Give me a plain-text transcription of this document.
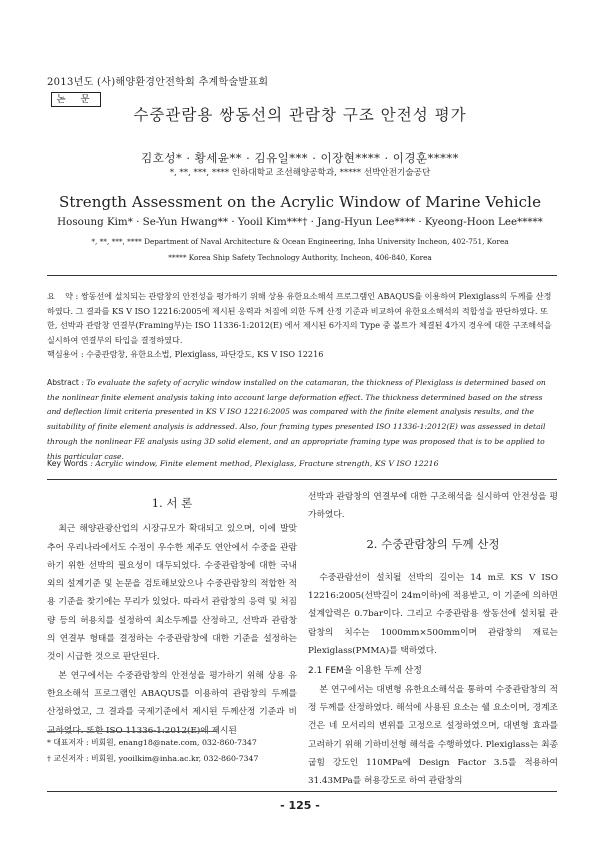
2013년도 (사)해양환경안전학회 추계학술발표회
논 문
수중관람용 쌍동선의 관람창 구조 안전성 평가
김호성* · 황세윤** · 김유일*** · 이장현**** · 이경훈*****
*, **, ***, **** 인하대학교 조선해양공학과, ***** 선박안전기술공단
Strength Assessment on the Acrylic Window of Marine Vehicle
Hosoung Kim* · Se-Yun Hwang** · Yooil Kim***† · Jang-Hyun Lee**** · Kyeong-Hoon Lee*****
*, **, ***, **** Department of Naval Architecture & Ocean Engineering, Inha University Incheon, 402-751, Korea
***** Korea Ship Safety Technology Authority, Incheon, 406-840, Korea
요    약 : 쌍동선에 설치되는 관람창의 안전성을 평가하기 위해 상용 유한요소해석 프로그램인 ABAQUS를 이용하여 Plexiglass의 두께를 산정하였다. 그 결과를 KS V ISO 12216:2005에 제시된 응력과 처짐에 의한 두께 산정 기준과 비교하여 유한요소해석의 적합성을 판단하였다. 또한, 선박과 관람창 연결부(Framing부)는 ISO 11336-1:2012(E) 에서 제시된 6가지의 Type 중 볼트가 체결된 4가지 경우에 대한 구조해석을 실시하여 연결부의 타입을 결정하였다.
핵심용어 : 수중관람창, 유한요소법, Plexiglass, 파단강도, KS V ISO 12216
Abstract : To evaluate the safety of acrylic window installed on the catamaran, the thickness of Plexiglass is determined based on the nonlinear finite element analysis taking into account large deformation effect. The thickness determined based on the stress and deflection limit criteria presented in KS V ISO 12216:2005 was compared with the finite element analysis results, and the suitability of finite element analysis is addressed. Also, four framing types presented ISO 11336-1:2012(E) was assessed in detail through the nonlinear FE analysis using 3D solid element, and an appropriate framing type was proposed that is to be applied to this particular case.
Key Words : Acrylic window, Finite element method, Plexiglass, Fracture strength, KS V ISO 12216
1. 서 론

최근 해양관광산업의 시장규모가 확대되고 있으며, 이에 발맞추어 우리나라에서도 수정이 우수한 제주도 연안에서 수중을 관람하기 위한 선박의 필요성이 대두되었다. 수중관람창에 대한 국내외의 설계기준 및 논문을 검토해보았으나 수중관람창의 적합한 적용 기준을 찾기에는 무리가 있었다. 따라서 관람창의 응력 및 처짐량 등의 허용치를 설정하여 최소두께를 산정하고, 선박과 관람창의 연결부 형태를 결정하는 수중관람창에 대한 기준을 설정하는 것이 시급한 것으로 판단된다.

본 연구에서는 수중관람창의 안전성을 평가하기 위해 상용 유한요소해석 프로그램인 ABAQUS를 이용하여 관람창의 두께를 산정하였고, 그 결과를 국제기준에서 제시된 두께산정 기준과 비교하였다. 또한 ISO 11336-1:2012(E)에 제시된

* 대표저자 : 비회원, enang18@nate.com, 032-860-7347
† 교신저자 : 비회원, yooilkim@inha.ac.kr, 032-860-7347

선박과 관람창의 연결부에 대한 구조해석을 실시하여 안전성을 평가하였다.

2. 수중관람창의 두께 산정

수중관람선이 설치될 선박의 길이는 14 m로 KS V ISO 12216:2005(선박길이 24m이하)에 적용받고, 이 기준에 의하면 설계압력은 0.7bar이다. 그리고 수중관람용 쌍동선에 설치될 관람창의 치수는 1000mm×500mm이며 관람창의 재료는 Plexiglass(PMMA)를 택하였다.

2.1 FEM을 이용한 두께 산정

본 연구에서는 대변형 유한요소해석을 통하여 수중관람창의 적정 두께를 산정하였다. 해석에 사용된 요소는 쉘 요소이며, 경계조건은 네 모서리의 변위를 고정으로 설정하였으며, 대변형 효과를 고려하기 위해 기하비선형 해석을 수행하였다. Plexiglass는 최종 굽힘 강도인 110MPa에 Design Factor 3.5를 적용하여 31.43MPa를 허용강도로 하여 관람창의

- 125 -
